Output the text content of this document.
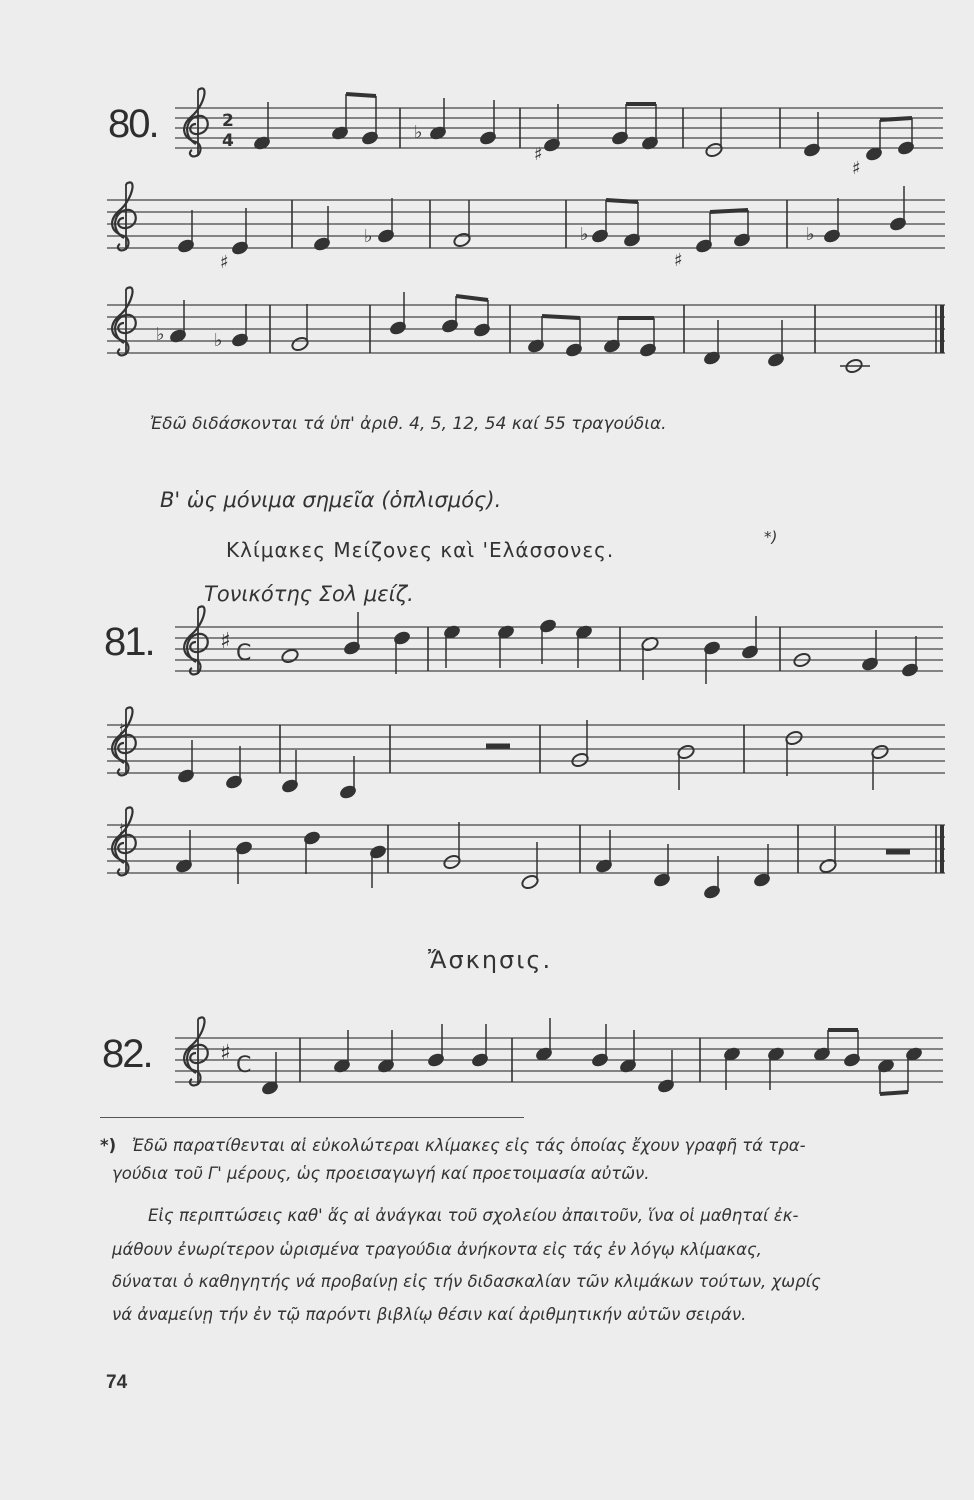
2
4
♯ C
♯ C
♯
♯
♭
♯
♯
♯
♭	♭
♯
♭
♭	♭
80.
81.
82.
Ἐδῶ διδάσκονται τά ὑπ' ἀριθ. 4, 5, 12, 54 καί 55 τραγούδια.
B' ὡς μόνιμα σημεῖα (ὁπλισμός).
Κλίμακες Μείζονες καὶ 'Ελάσσονες.
*)
Τονικότης Σολ μείζ.
Ἄσκησις.
*) Ἐδῶ παρατίθενται αἱ εὐκολώτεραι κλίμακες εἰς τάς ὁποίας ἔχουν γραφῆ τά τρα-
γούδια τοῦ Γ' μέρους, ὡς προεισαγωγή καί προετοιμασία αὐτῶν.
Εἰς περιπτώσεις καθ' ἅς αἱ ἀνάγκαι τοῦ σχολείου ἀπαιτοῦν, ἵνα οἱ μαθηταί ἐκ-
μάθουν ἐνωρίτερον ὡρισμένα τραγούδια ἀνήκοντα εἰς τάς ἐν λόγῳ κλίμακας,
δύναται ὁ καθηγητής νά προβαίνῃ εἰς τήν διδασκαλίαν τῶν κλιμάκων τούτων, χωρίς
νά ἀναμείνῃ τήν ἐν τῷ παρόντι βιβλίῳ θέσιν καί ἀριθμητικήν αὐτῶν σειράν.
74
